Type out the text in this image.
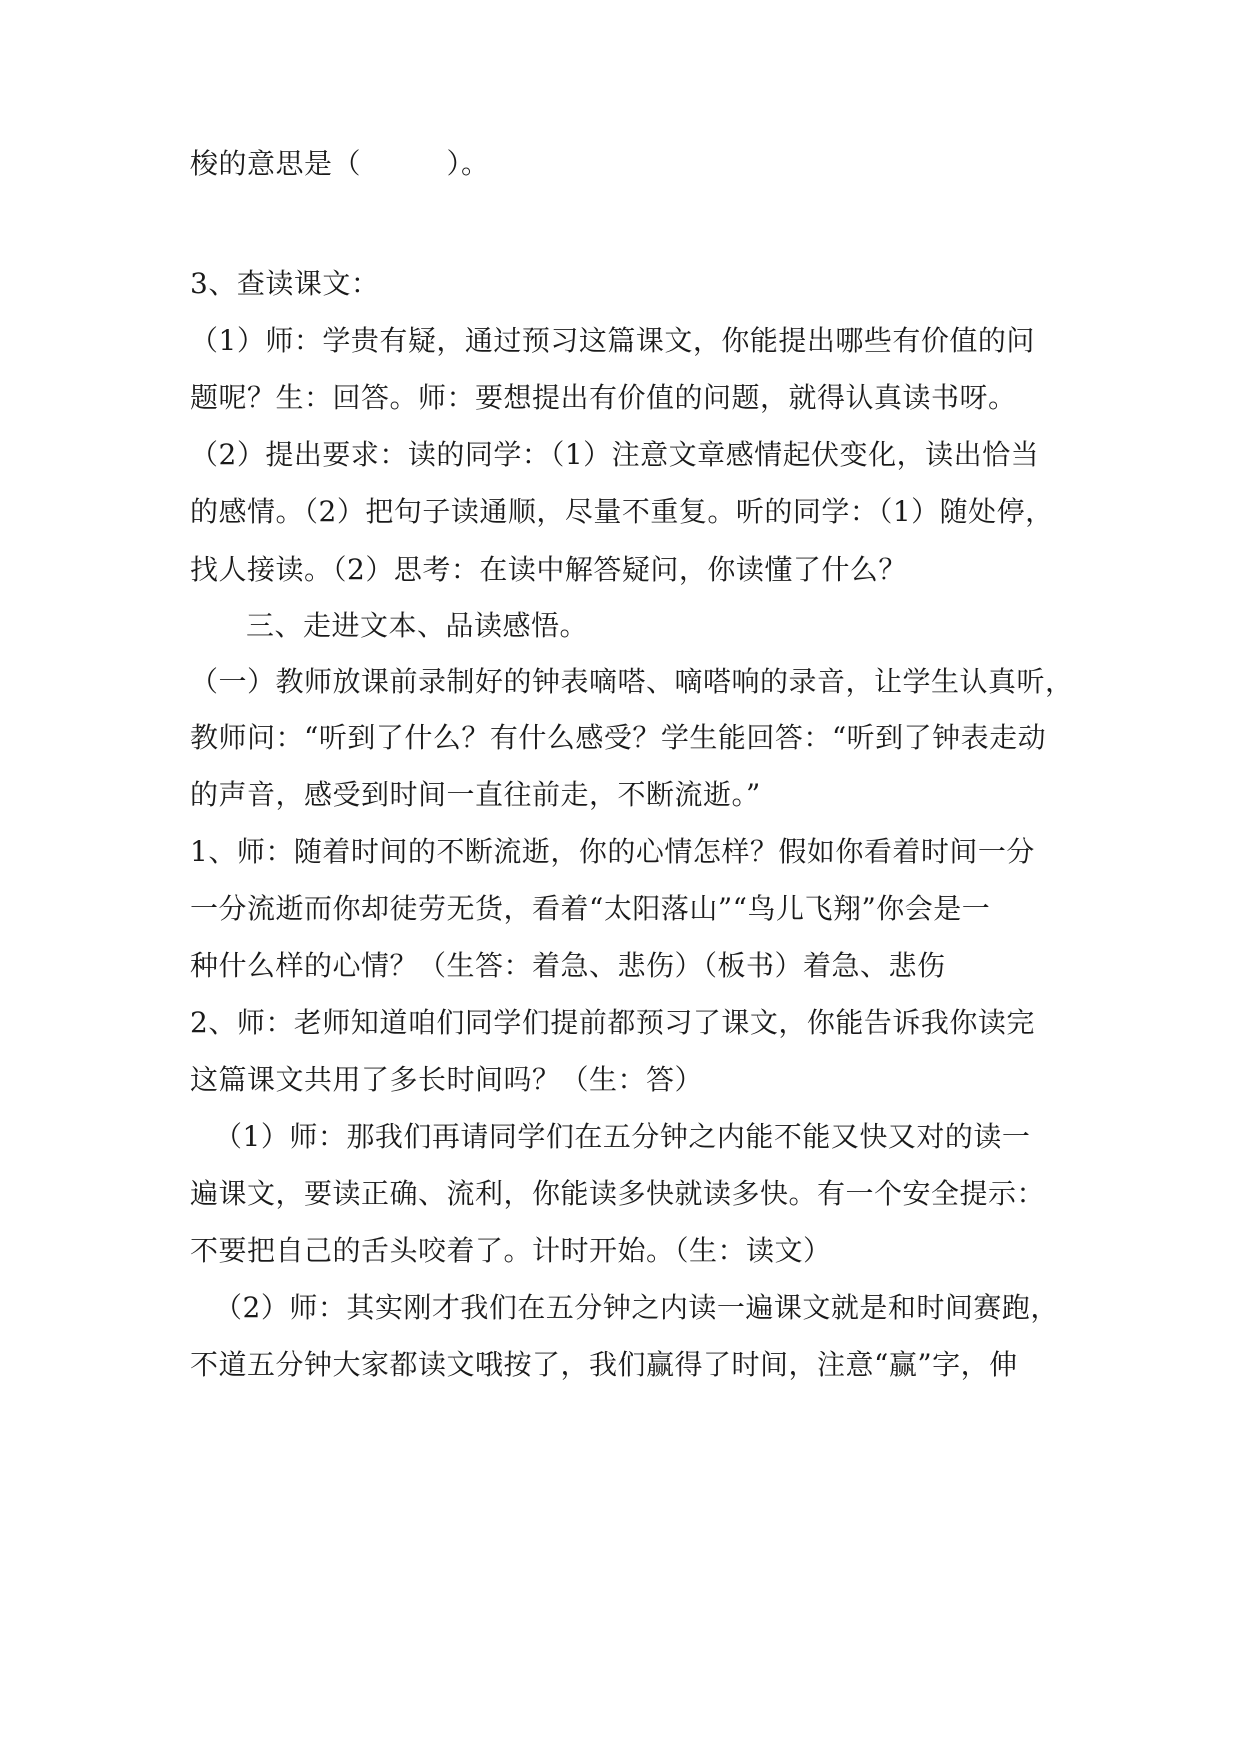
梭的意思是（　　　）。
3、查读课文：
（1）师：学贵有疑，通过预习这篇课文，你能提出哪些有价值的问
题呢？生：回答。师：要想提出有价值的问题，就得认真读书呀。
（2）提出要求：读的同学：（1）注意文章感情起伏变化，读出恰当
的感情。（2）把句子读通顺，尽量不重复。听的同学：（1）随处停，
找人接读。（2）思考：在读中解答疑问，你读懂了什么？
三、走进文本、品读感悟。
（一）教师放课前录制好的钟表嘀嗒、嘀嗒响的录音，让学生认真听，
教师问：“听到了什么？有什么感受？学生能回答：“听到了钟表走动
的声音，感受到时间一直往前走，不断流逝。”
1、师：随着时间的不断流逝，你的心情怎样？假如你看着时间一分
一分流逝而你却徒劳无货，看着“太阳落山”“鸟儿飞翔”你会是一
种什么样的心情？（生答：着急、悲伤）（板书）着急、悲伤
2、师：老师知道咱们同学们提前都预习了课文，你能告诉我你读完
这篇课文共用了多长时间吗？（生：答）
（1）师：那我们再请同学们在五分钟之内能不能又快又对的读一
遍课文，要读正确、流利，你能读多快就读多快。有一个安全提示：
不要把自己的舌头咬着了。计时开始。（生：读文）
（2）师：其实刚才我们在五分钟之内读一遍课文就是和时间赛跑，
不道五分钟大家都读文哦按了，我们赢得了时间，注意“赢”字，伸
